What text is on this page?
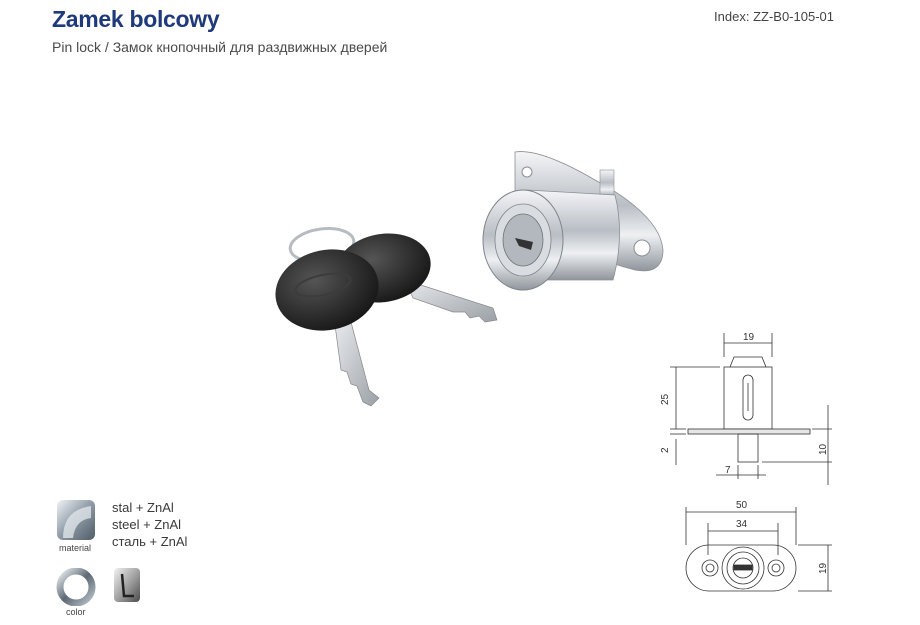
Zamek bolcowy
Pin lock / Замок кнопочный для раздвижных дверей
Index: ZZ-B0-105-01
19
25
2	10
7
50
34
19
material
stal + ZnAl
steel + ZnAl
сталь + ZnAl
color
